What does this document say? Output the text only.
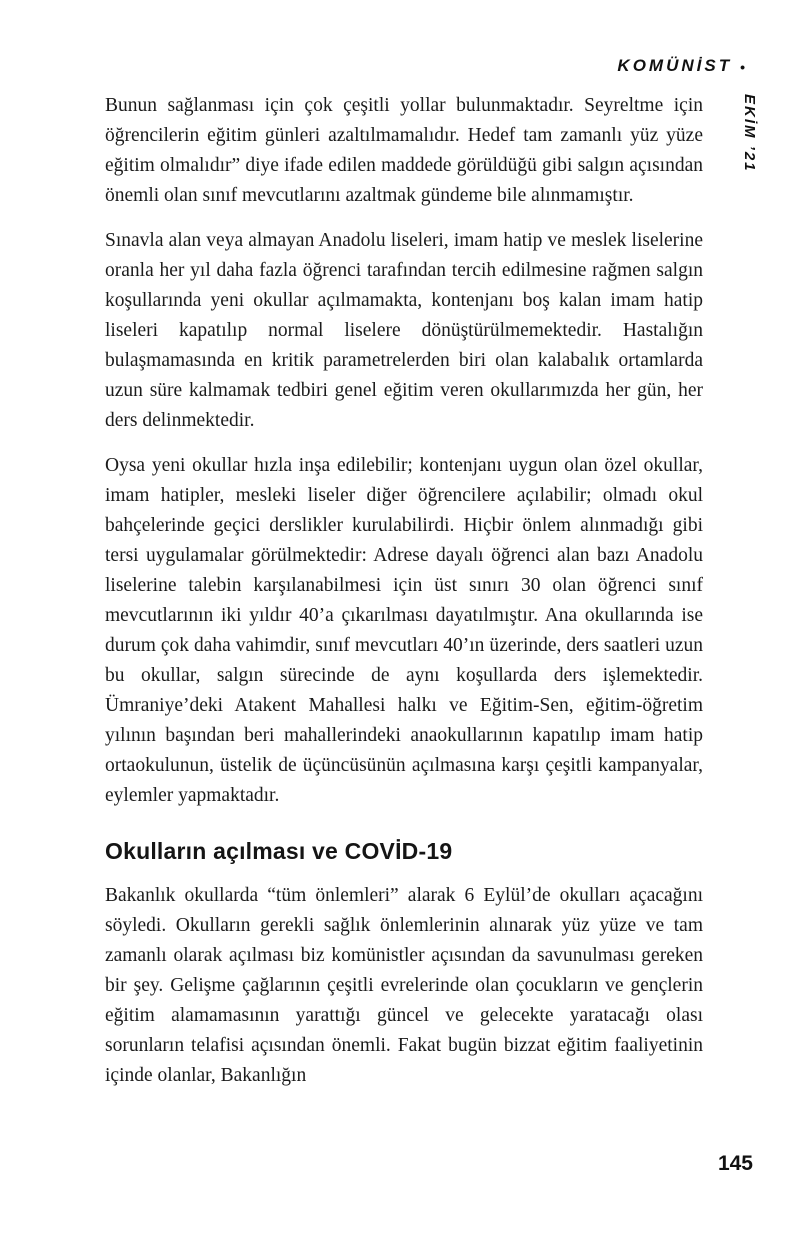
KOMÜNİST •
EKİM ’21

Bunun sağlanması için çok çeşitli yollar bulunmaktadır. Seyreltme için öğrencilerin eğitim günleri azaltılmamalıdır. Hedef tam zamanlı yüz yüze eğitim olmalıdır” diye ifade edilen maddede görüldüğü gibi salgın açısından önemli olan sınıf mevcutlarını azaltmak gündeme bile alınmamıştır.

Sınavla alan veya almayan Anadolu liseleri, imam hatip ve meslek liselerine oranla her yıl daha fazla öğrenci tarafından tercih edilmesine rağmen salgın koşullarında yeni okullar açılmamakta, kontenjanı boş kalan imam hatip liseleri kapatılıp normal liselere dönüştürülmemektedir. Hastalığın bulaşmamasında en kritik parametrelerden biri olan kalabalık ortamlarda uzun süre kalmamak tedbiri genel eğitim veren okullarımızda her gün, her ders delinmektedir.

Oysa yeni okullar hızla inşa edilebilir; kontenjanı uygun olan özel okullar, imam hatipler, mesleki liseler diğer öğrencilere açılabilir; olmadı okul bahçelerinde geçici derslikler kurulabilirdi. Hiçbir önlem alınmadığı gibi tersi uygulamalar görülmektedir: Adrese dayalı öğrenci alan bazı Anadolu liselerine talebin karşılanabilmesi için üst sınırı 30 olan öğrenci sınıf mevcutlarının iki yıldır 40’a çıkarılması dayatılmıştır. Ana okullarında ise durum çok daha vahimdir, sınıf mevcutları 40’ın üzerinde, ders saatleri uzun bu okullar, salgın sürecinde de aynı koşullarda ders işlemektedir. Ümraniye’deki Atakent Mahallesi halkı ve Eğitim-Sen, eğitim-öğretim yılının başından beri mahallerindeki anaokullarının kapatılıp imam hatip ortaokulunun, üstelik de üçüncüsünün açılmasına karşı çeşitli kampanyalar, eylemler yapmaktadır.

Okulların açılması ve COVİD-19

Bakanlık okullarda “tüm önlemleri” alarak 6 Eylül’de okulları açacağını söyledi. Okulların gerekli sağlık önlemlerinin alınarak yüz yüze ve tam zamanlı olarak açılması biz komünistler açısından da savunulması gereken bir şey. Gelişme çağlarının çeşitli evrelerinde olan çocukların ve gençlerin eğitim alamamasının yarattığı güncel ve gelecekte yaratacağı olası sorunların telafisi açısından önemli. Fakat bugün bizzat eğitim faaliyetinin içinde olanlar, Bakanlığın

145
